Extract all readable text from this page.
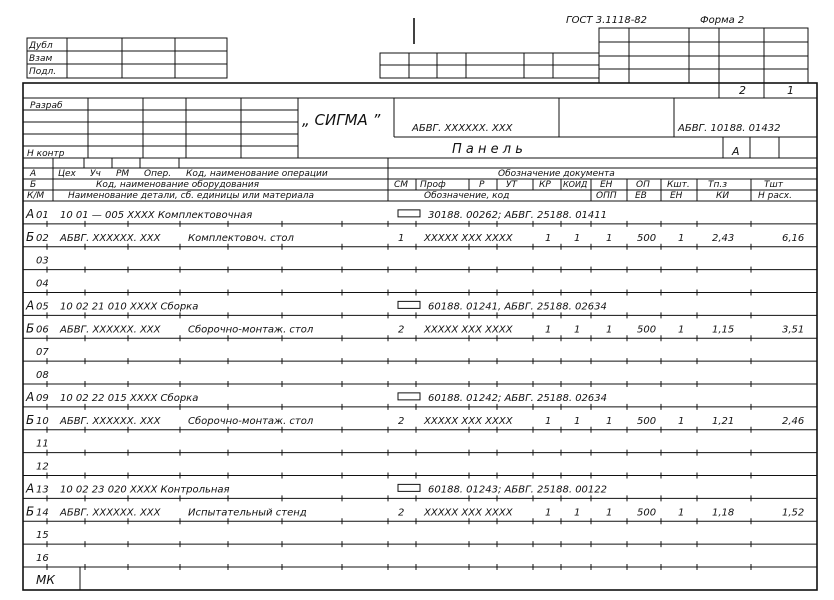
ГОСТ 3.1118-82	Форма 2
Дубл
Взам
Подл.
2	1
Разраб
Н контр
„ СИГМА ”	АБВГ. XXXXXX. XXX	АБВГ. 10188. 01432
П а н е л ь	А
А Цех Уч РМ Опер. Код, наименование операции	Обозначение документа
Б	Код, наименование оборудования	СМ Проф	Р УТ КР КОИД ЕН	ОП Кшт. Тп.з	Тшт
К/М	Наименование детали, сб. единицы или материала	Обозначение, код	ОПП ЕВ	ЕН	КИ	Н расх.
А 01 10 01 — 005 XXXX Комплектовочная	30188. 00262; АБВГ. 25188. 01411
Б 02 АБВГ. XXXXXX. XXX	Комплектовоч. стол	1 XXXXX XXX XXXX	1 1	1 500 1	2,43	6,16
03
04
А 05 10 02 21 010 XXXX Сборка	60188. 01241, АБВГ. 25188. 02634
Б 06 АБВГ. XXXXXX. XXX	Сборочно-монтаж. стол	2 XXXXX XXX XXXX	1 1	1 500 1	1,15	3,51
07
08
А 09 10 02 22 015 XXXX Сборка	60188. 01242; АБВГ. 25188. 02634
Б 10 АБВГ. XXXXXX. XXX	Сборочно-монтаж. стол	2 XXXXX XXX XXXX	1 1	1 500 1	1,21	2,46
11
12
А 13 10 02 23 020 XXXX Контрольная	60188. 01243; АБВГ. 25188. 00122
Б 14 АБВГ. XXXXXX. XXX	Испытательный стенд	2 XXXXX XXX XXXX	1 1	1 500 1	1,18	1,52
15
16
МК
